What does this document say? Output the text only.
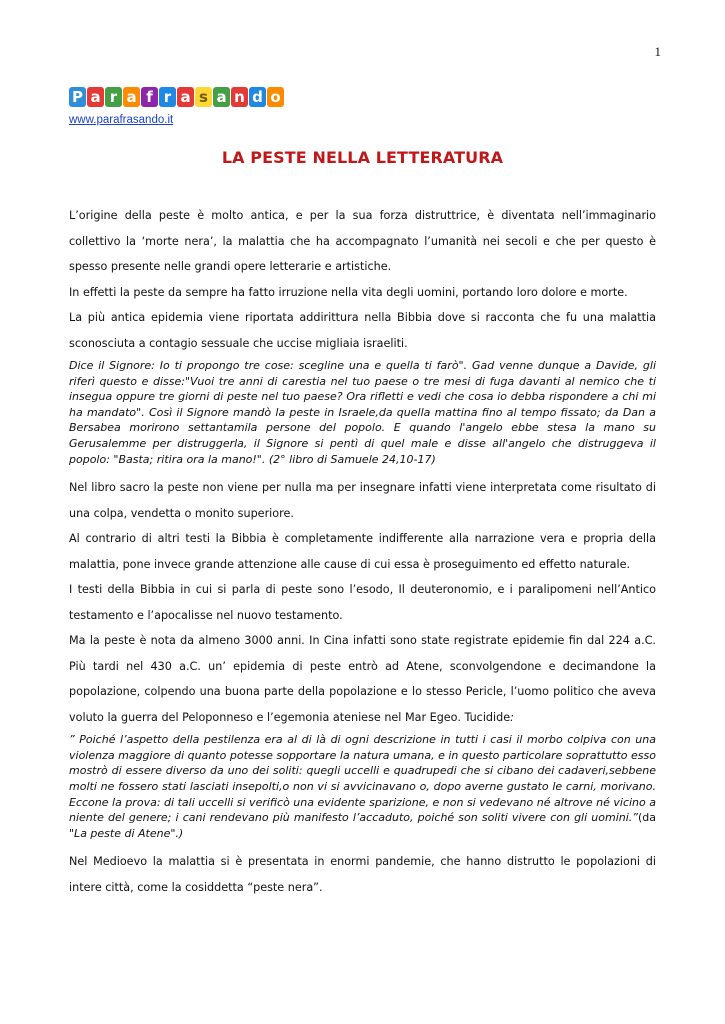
1
P a r a f r a s a n d o
www.parafrasando.it
LA PESTE NELLA LETTERATURA

L’origine della peste è molto antica, e per la sua forza distruttrice, è diventata nell’immaginario collettivo la ‘morte nera’, la malattia che ha accompagnato l’umanità nei secoli e che per questo è spesso presente nelle grandi opere letterarie e artistiche.

In effetti la peste da sempre ha fatto irruzione nella vita degli uomini, portando loro dolore e morte.

La più antica epidemia viene riportata addirittura nella Bibbia dove si racconta che fu una malattia sconosciuta a contagio sessuale che uccise migliaia israeliti.

Dice il Signore: Io ti propongo tre cose: scegline una e quella ti farò". Gad venne dunque a Davide, gli riferì questo e disse:"Vuoi tre anni di carestia nel tuo paese o tre mesi di fuga davanti al nemico che ti insegua oppure tre giorni di peste nel tuo paese? Ora rifletti e vedi che cosa io debba rispondere a chi mi ha mandato". Così il Signore mandò la peste in Israele,da quella mattina fino al tempo fissato; da Dan a Bersabea morirono settantamila persone del popolo. E quando l'angelo ebbe stesa la mano su Gerusalemme per distruggerla, il Signore si pentì di quel male e disse all'angelo che distruggeva il popolo: "Basta; ritira ora la mano!". (2° libro di Samuele 24,10-17)

Nel libro sacro la peste non viene per nulla ma per insegnare infatti viene interpretata come risultato di una colpa, vendetta o monito superiore.

Al contrario di altri testi la Bibbia è completamente indifferente alla narrazione vera e propria della malattia, pone invece grande attenzione alle cause di cui essa è proseguimento ed effetto naturale.

I testi della Bibbia in cui si parla di peste sono l’esodo, Il deuteronomio, e i paralipomeni nell’Antico testamento e l’apocalisse nel nuovo testamento.

Ma la peste è nota da almeno 3000 anni. In Cina infatti sono state registrate epidemie fin dal 224 a.C. Più tardi nel 430 a.C. un’ epidemia di peste entrò ad Atene, sconvolgendone e decimandone la popolazione, colpendo una buona parte della popolazione e lo stesso Pericle, l’uomo politico che aveva voluto la guerra del Peloponneso e l’egemonia ateniese nel Mar Egeo. Tucidide:

” Poiché l’aspetto della pestilenza era al di là di ogni descrizione in tutti i casi il morbo colpiva con una violenza maggiore di quanto potesse sopportare la natura umana, e in questo particolare soprattutto esso mostrò di essere diverso da uno dei soliti: quegli uccelli e quadrupedi che si cibano dei cadaveri,sebbene molti ne fossero stati lasciati insepolti,o non vi si avvicinavano o, dopo averne gustato le carni, morivano. Eccone la prova: di tali uccelli si verificò una evidente sparizione, e non si vedevano né altrove né vicino a niente del genere; i cani rendevano più manifesto l’accaduto, poiché son soliti vivere con gli uomini.”(da "La peste di Atene".)

Nel Medioevo la malattia si è presentata in enormi pandemie, che hanno distrutto le popolazioni di intere città, come la cosiddetta “peste nera”.
